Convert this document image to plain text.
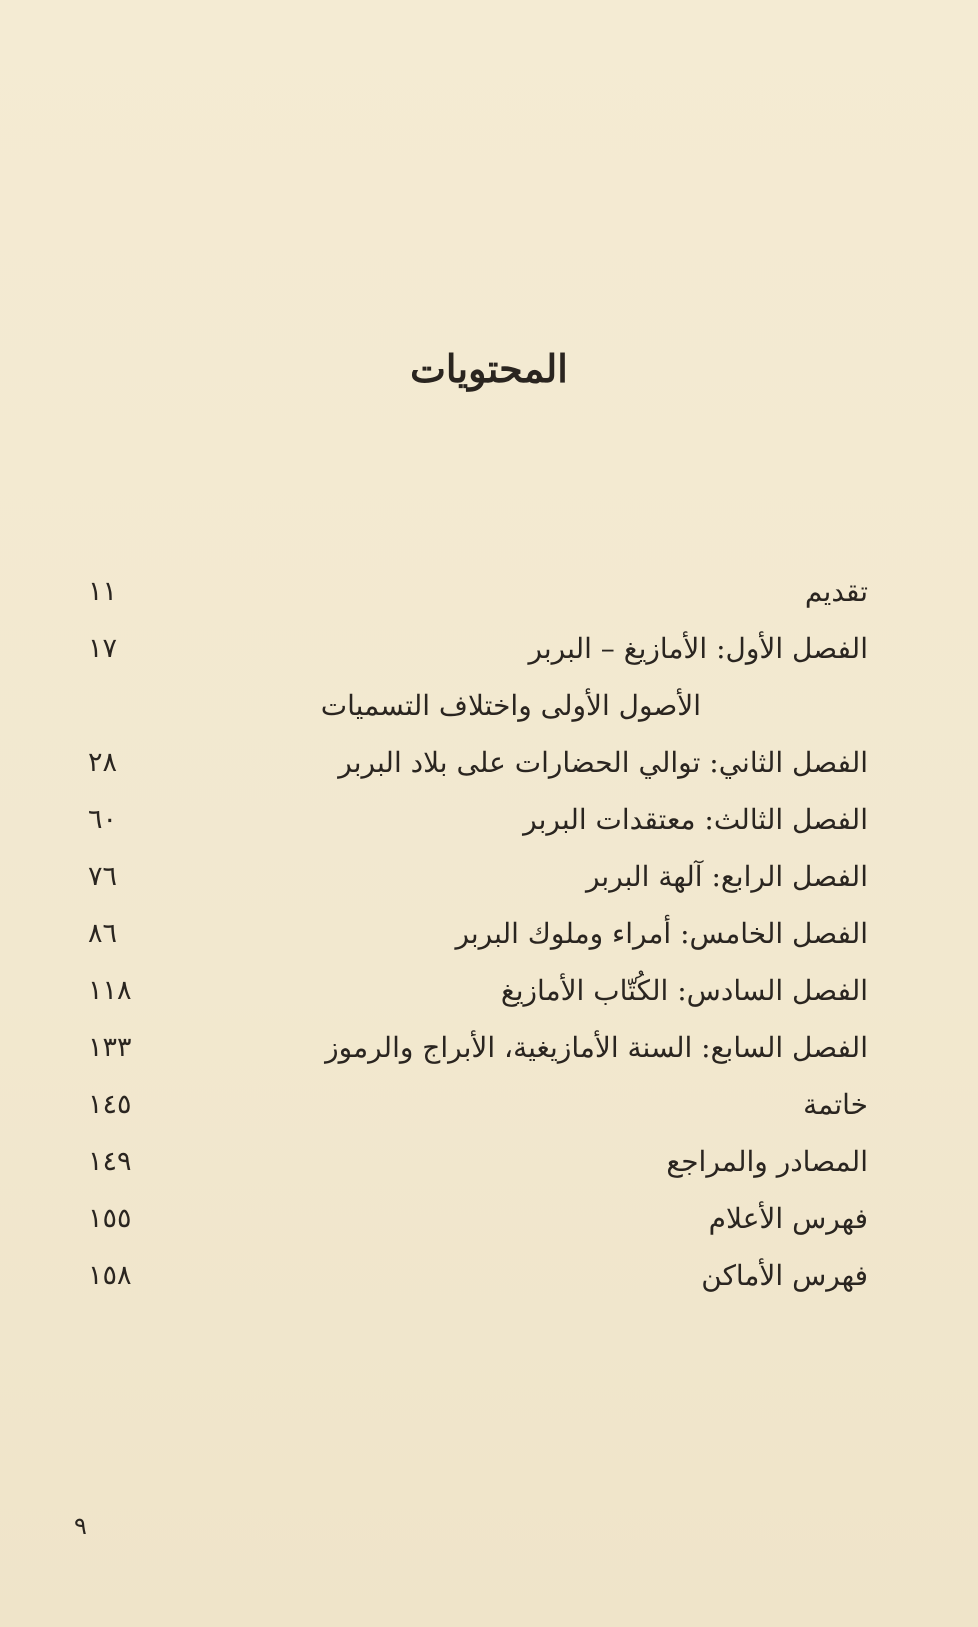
المحتويات
تقديم
١١
الفصل الأول: الأمازيغ – البربر
١٧
الأصول الأولى واختلاف التسميات
الفصل الثاني: توالي الحضارات على بلاد البربر
٢٨
الفصل الثالث: معتقدات البربر
٦٠
الفصل الرابع: آلهة البربر
٧٦
الفصل الخامس: أمراء وملوك البربر
٨٦
الفصل السادس: الكُتّاب الأمازيغ
١١٨
الفصل السابع: السنة الأمازيغية، الأبراج والرموز
١٣٣
خاتمة
١٤٥
المصادر والمراجع
١٤٩
فهرس الأعلام
١٥٥
فهرس الأماكن
١٥٨
٩
